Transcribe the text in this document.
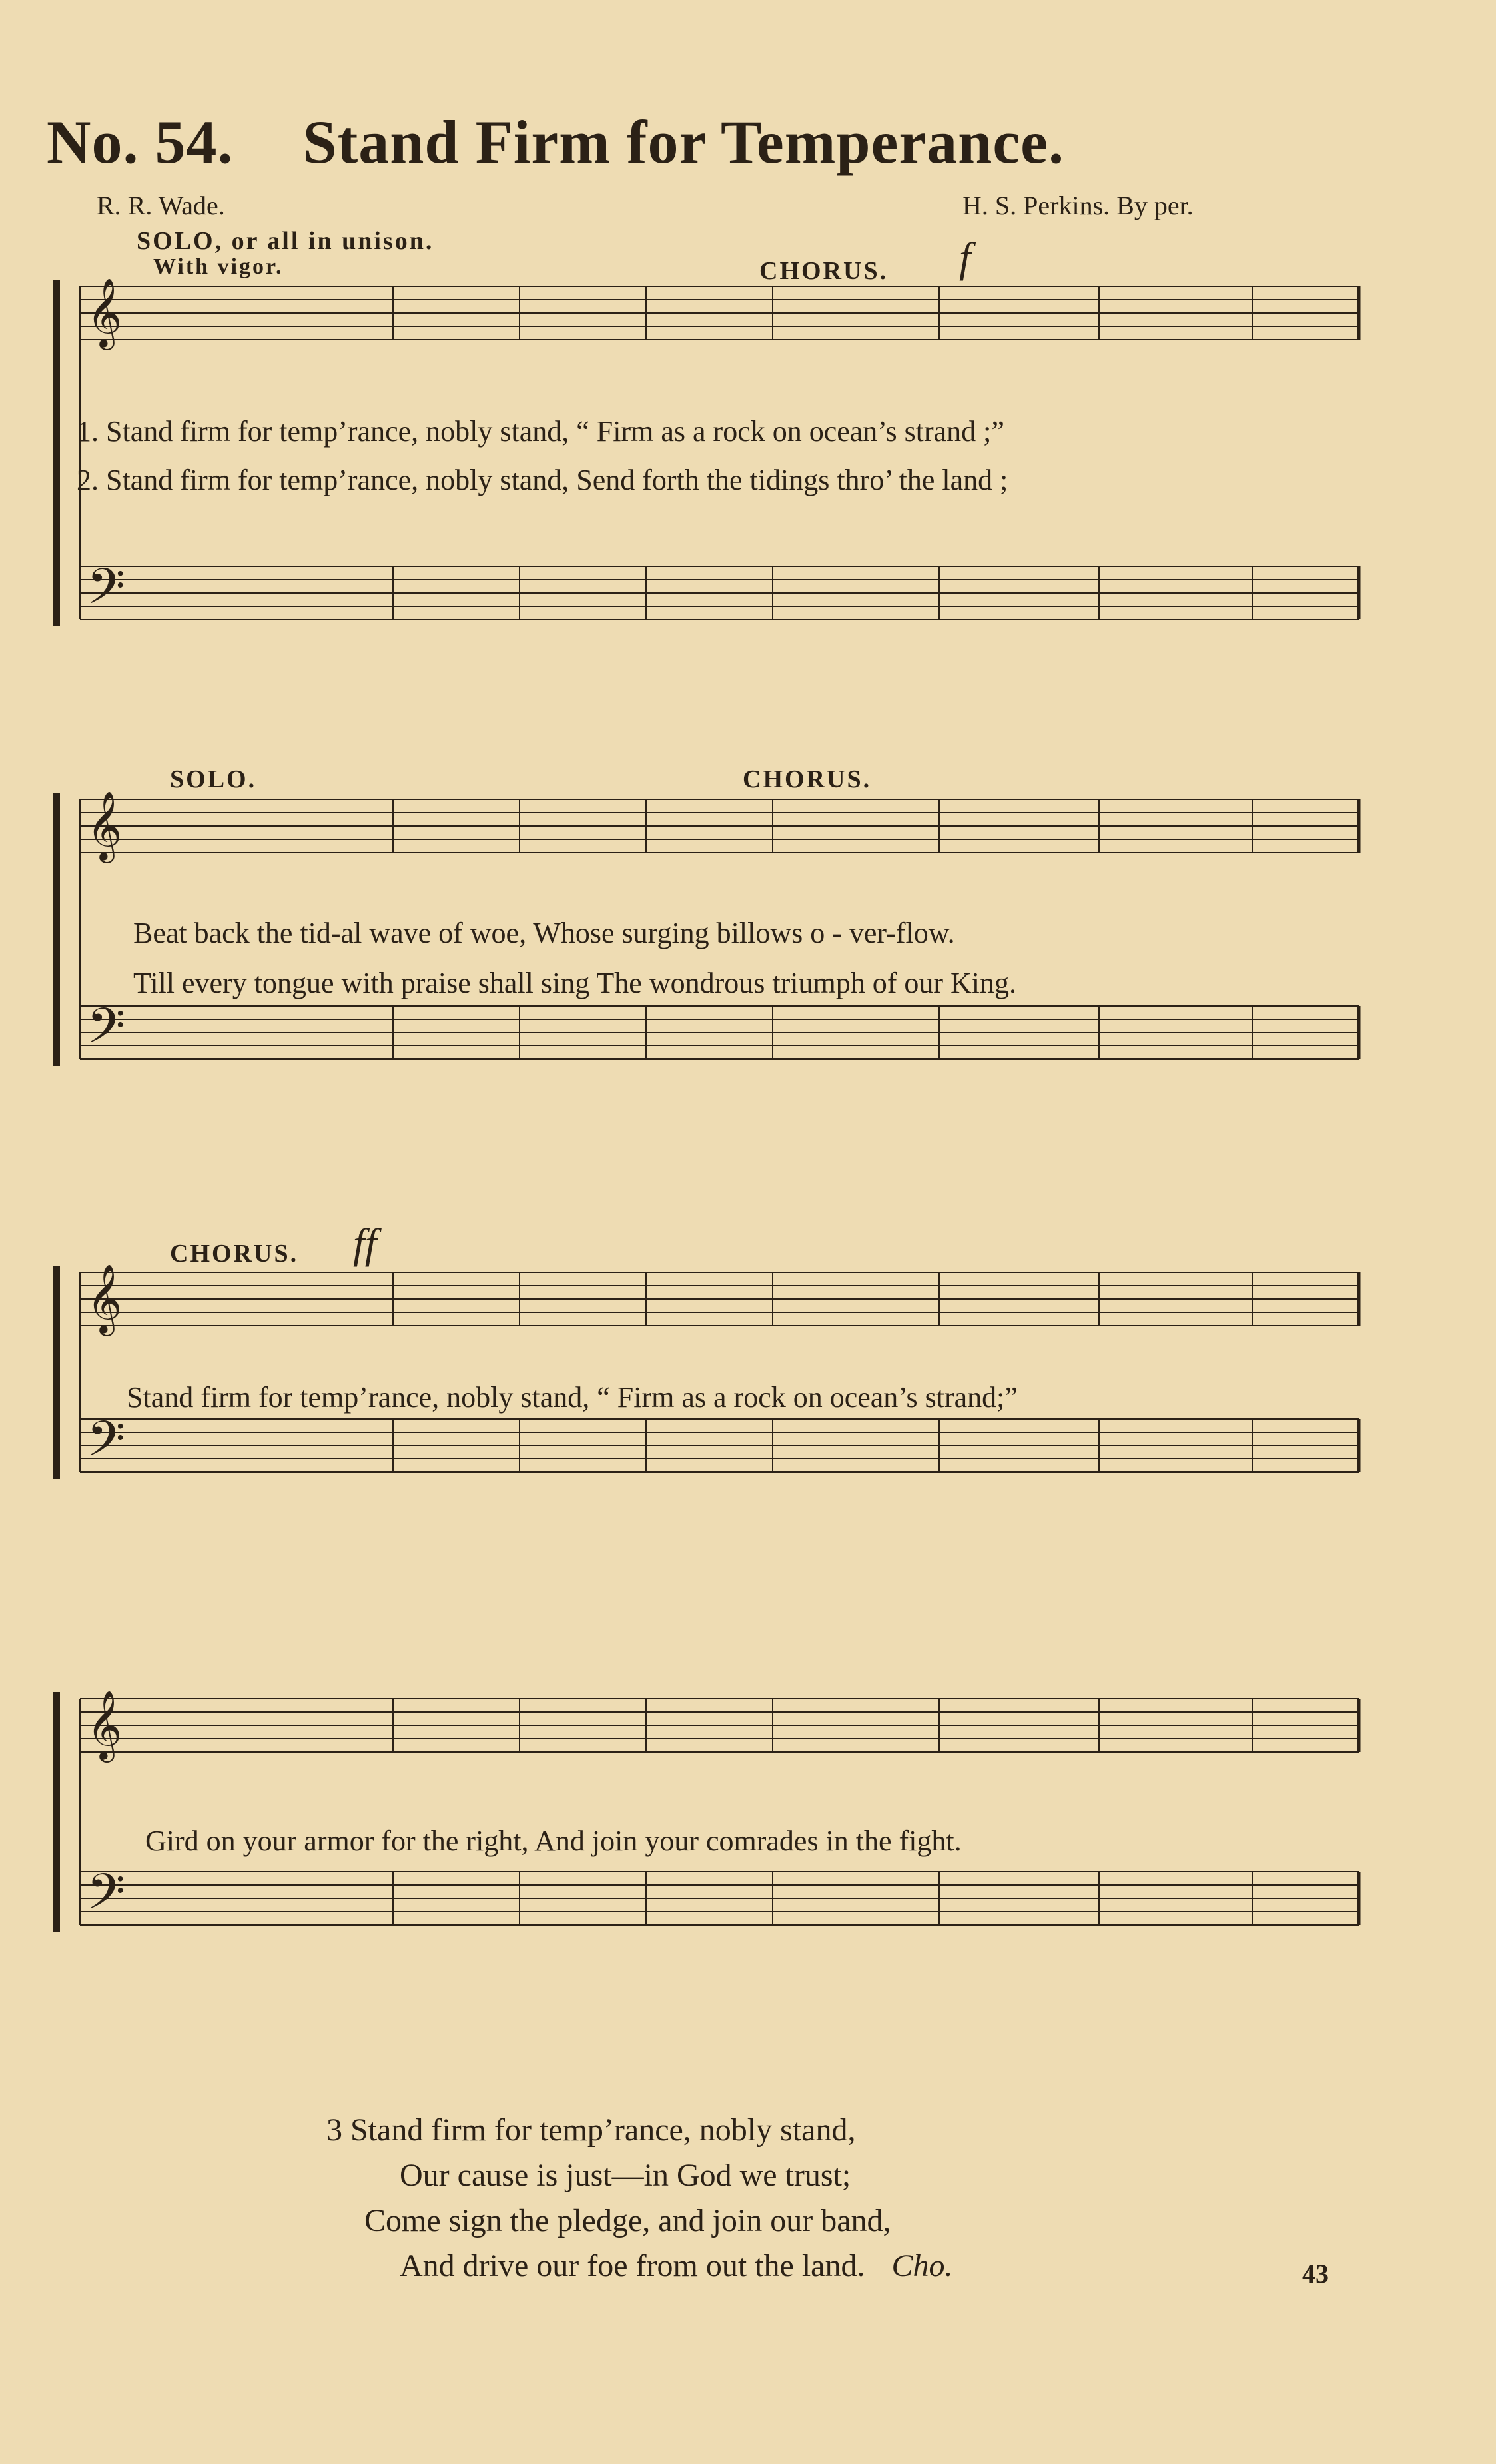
No. 54. Stand Firm for Temperance.
R. R. Wade.	H. S. Perkins. By per.
𝄞
𝄢
SOLO, or all in unison.
With vigor.	CHORUS. f
1. Stand firm for temp’rance, nobly stand, “ Firm as a rock on ocean’s strand ;”
2. Stand firm for temp’rance, nobly stand, Send forth the tidings thro’ the land ;
𝄞
𝄢
SOLO.	CHORUS.
Beat back the tid-al wave of woe, Whose surging billows o - ver-flow.
Till every tongue with praise shall sing The wondrous triumph of our King.
𝄞
𝄢
CHORUS. ff
Stand firm for temp’rance, nobly stand, “ Firm as a rock on ocean’s strand;”
𝄞
𝄢
Gird on your armor for the right, And join your comrades in the fight.
3 Stand firm for temp’rance, nobly stand,
Our cause is just—in God we trust;
Come sign the pledge, and join our band,
And drive our foe from out the land. Cho.	43
